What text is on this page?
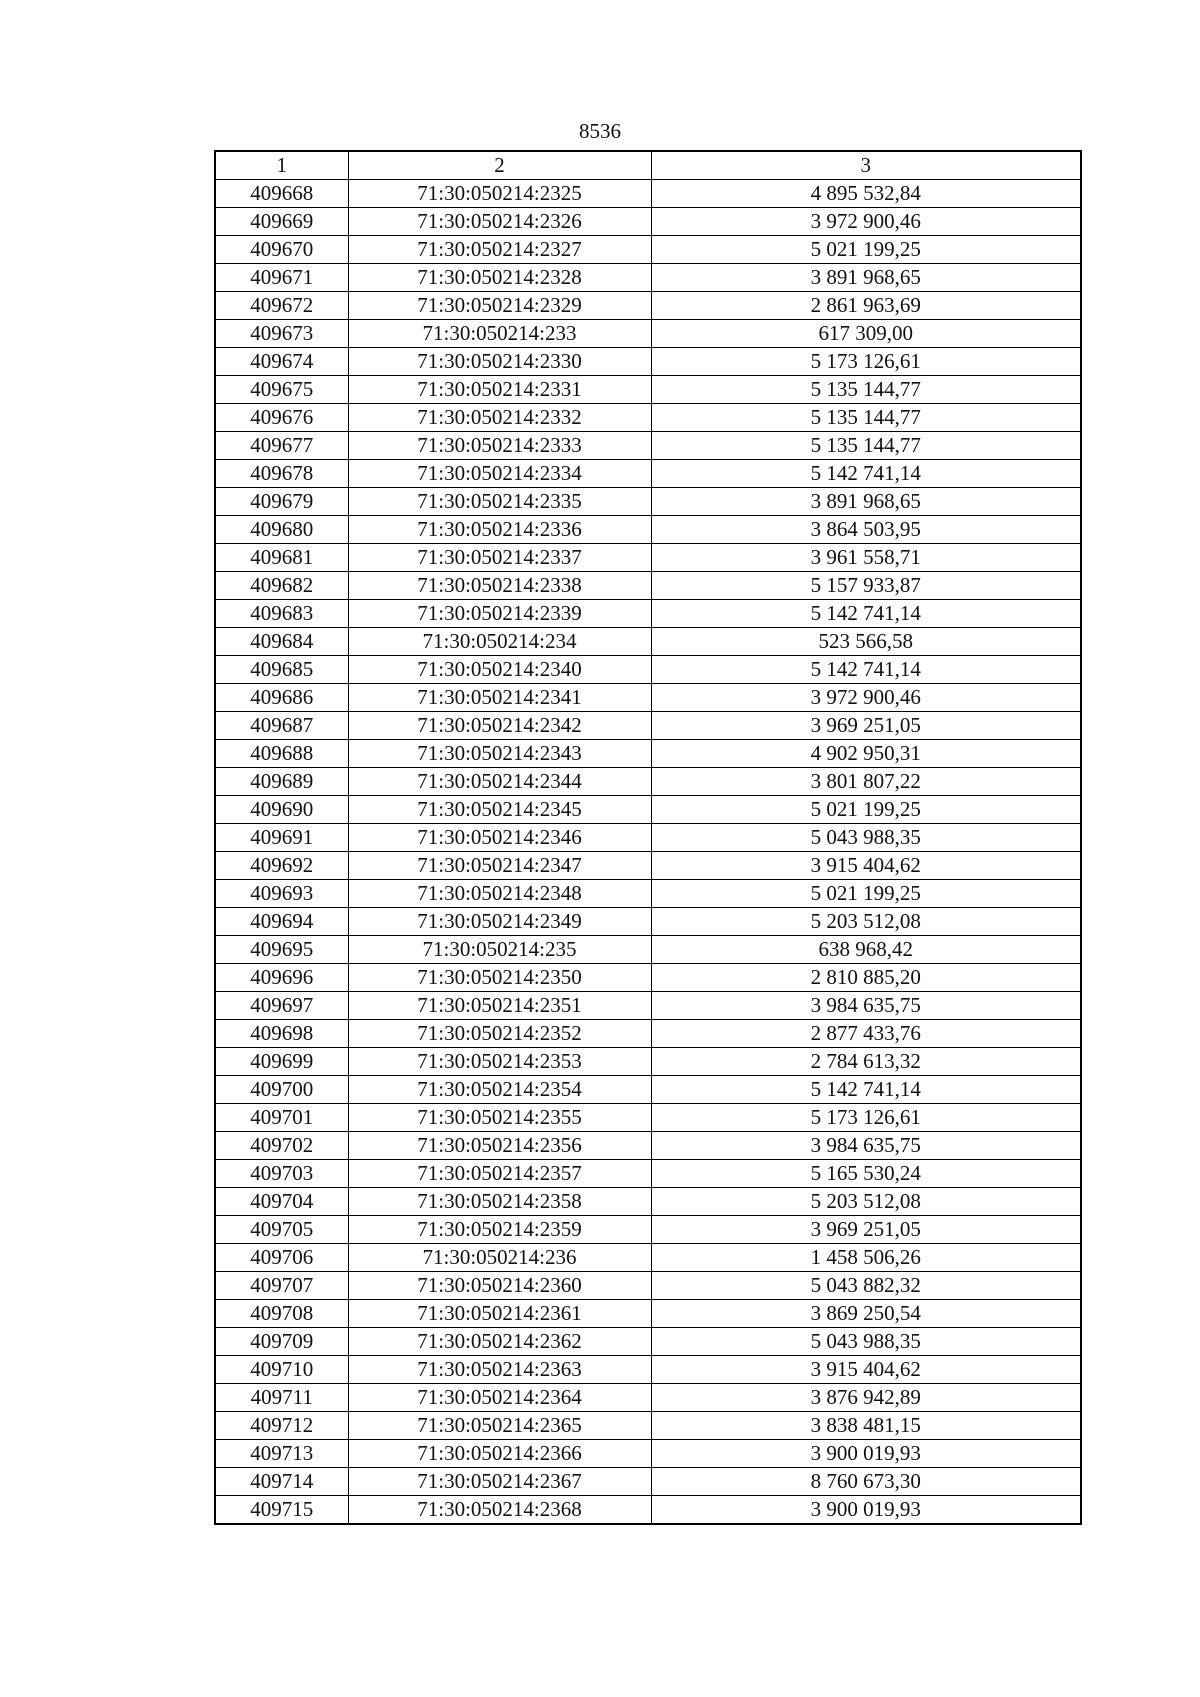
8536
1	2	3
409668	71:30:050214:2325	4 895 532,84
409669	71:30:050214:2326	3 972 900,46
409670	71:30:050214:2327	5 021 199,25
409671	71:30:050214:2328	3 891 968,65
409672	71:30:050214:2329	2 861 963,69
409673	71:30:050214:233	617 309,00
409674	71:30:050214:2330	5 173 126,61
409675	71:30:050214:2331	5 135 144,77
409676	71:30:050214:2332	5 135 144,77
409677	71:30:050214:2333	5 135 144,77
409678	71:30:050214:2334	5 142 741,14
409679	71:30:050214:2335	3 891 968,65
409680	71:30:050214:2336	3 864 503,95
409681	71:30:050214:2337	3 961 558,71
409682	71:30:050214:2338	5 157 933,87
409683	71:30:050214:2339	5 142 741,14
409684	71:30:050214:234	523 566,58
409685	71:30:050214:2340	5 142 741,14
409686	71:30:050214:2341	3 972 900,46
409687	71:30:050214:2342	3 969 251,05
409688	71:30:050214:2343	4 902 950,31
409689	71:30:050214:2344	3 801 807,22
409690	71:30:050214:2345	5 021 199,25
409691	71:30:050214:2346	5 043 988,35
409692	71:30:050214:2347	3 915 404,62
409693	71:30:050214:2348	5 021 199,25
409694	71:30:050214:2349	5 203 512,08
409695	71:30:050214:235	638 968,42
409696	71:30:050214:2350	2 810 885,20
409697	71:30:050214:2351	3 984 635,75
409698	71:30:050214:2352	2 877 433,76
409699	71:30:050214:2353	2 784 613,32
409700	71:30:050214:2354	5 142 741,14
409701	71:30:050214:2355	5 173 126,61
409702	71:30:050214:2356	3 984 635,75
409703	71:30:050214:2357	5 165 530,24
409704	71:30:050214:2358	5 203 512,08
409705	71:30:050214:2359	3 969 251,05
409706	71:30:050214:236	1 458 506,26
409707	71:30:050214:2360	5 043 882,32
409708	71:30:050214:2361	3 869 250,54
409709	71:30:050214:2362	5 043 988,35
409710	71:30:050214:2363	3 915 404,62
409711	71:30:050214:2364	3 876 942,89
409712	71:30:050214:2365	3 838 481,15
409713	71:30:050214:2366	3 900 019,93
409714	71:30:050214:2367	8 760 673,30
409715	71:30:050214:2368	3 900 019,93
